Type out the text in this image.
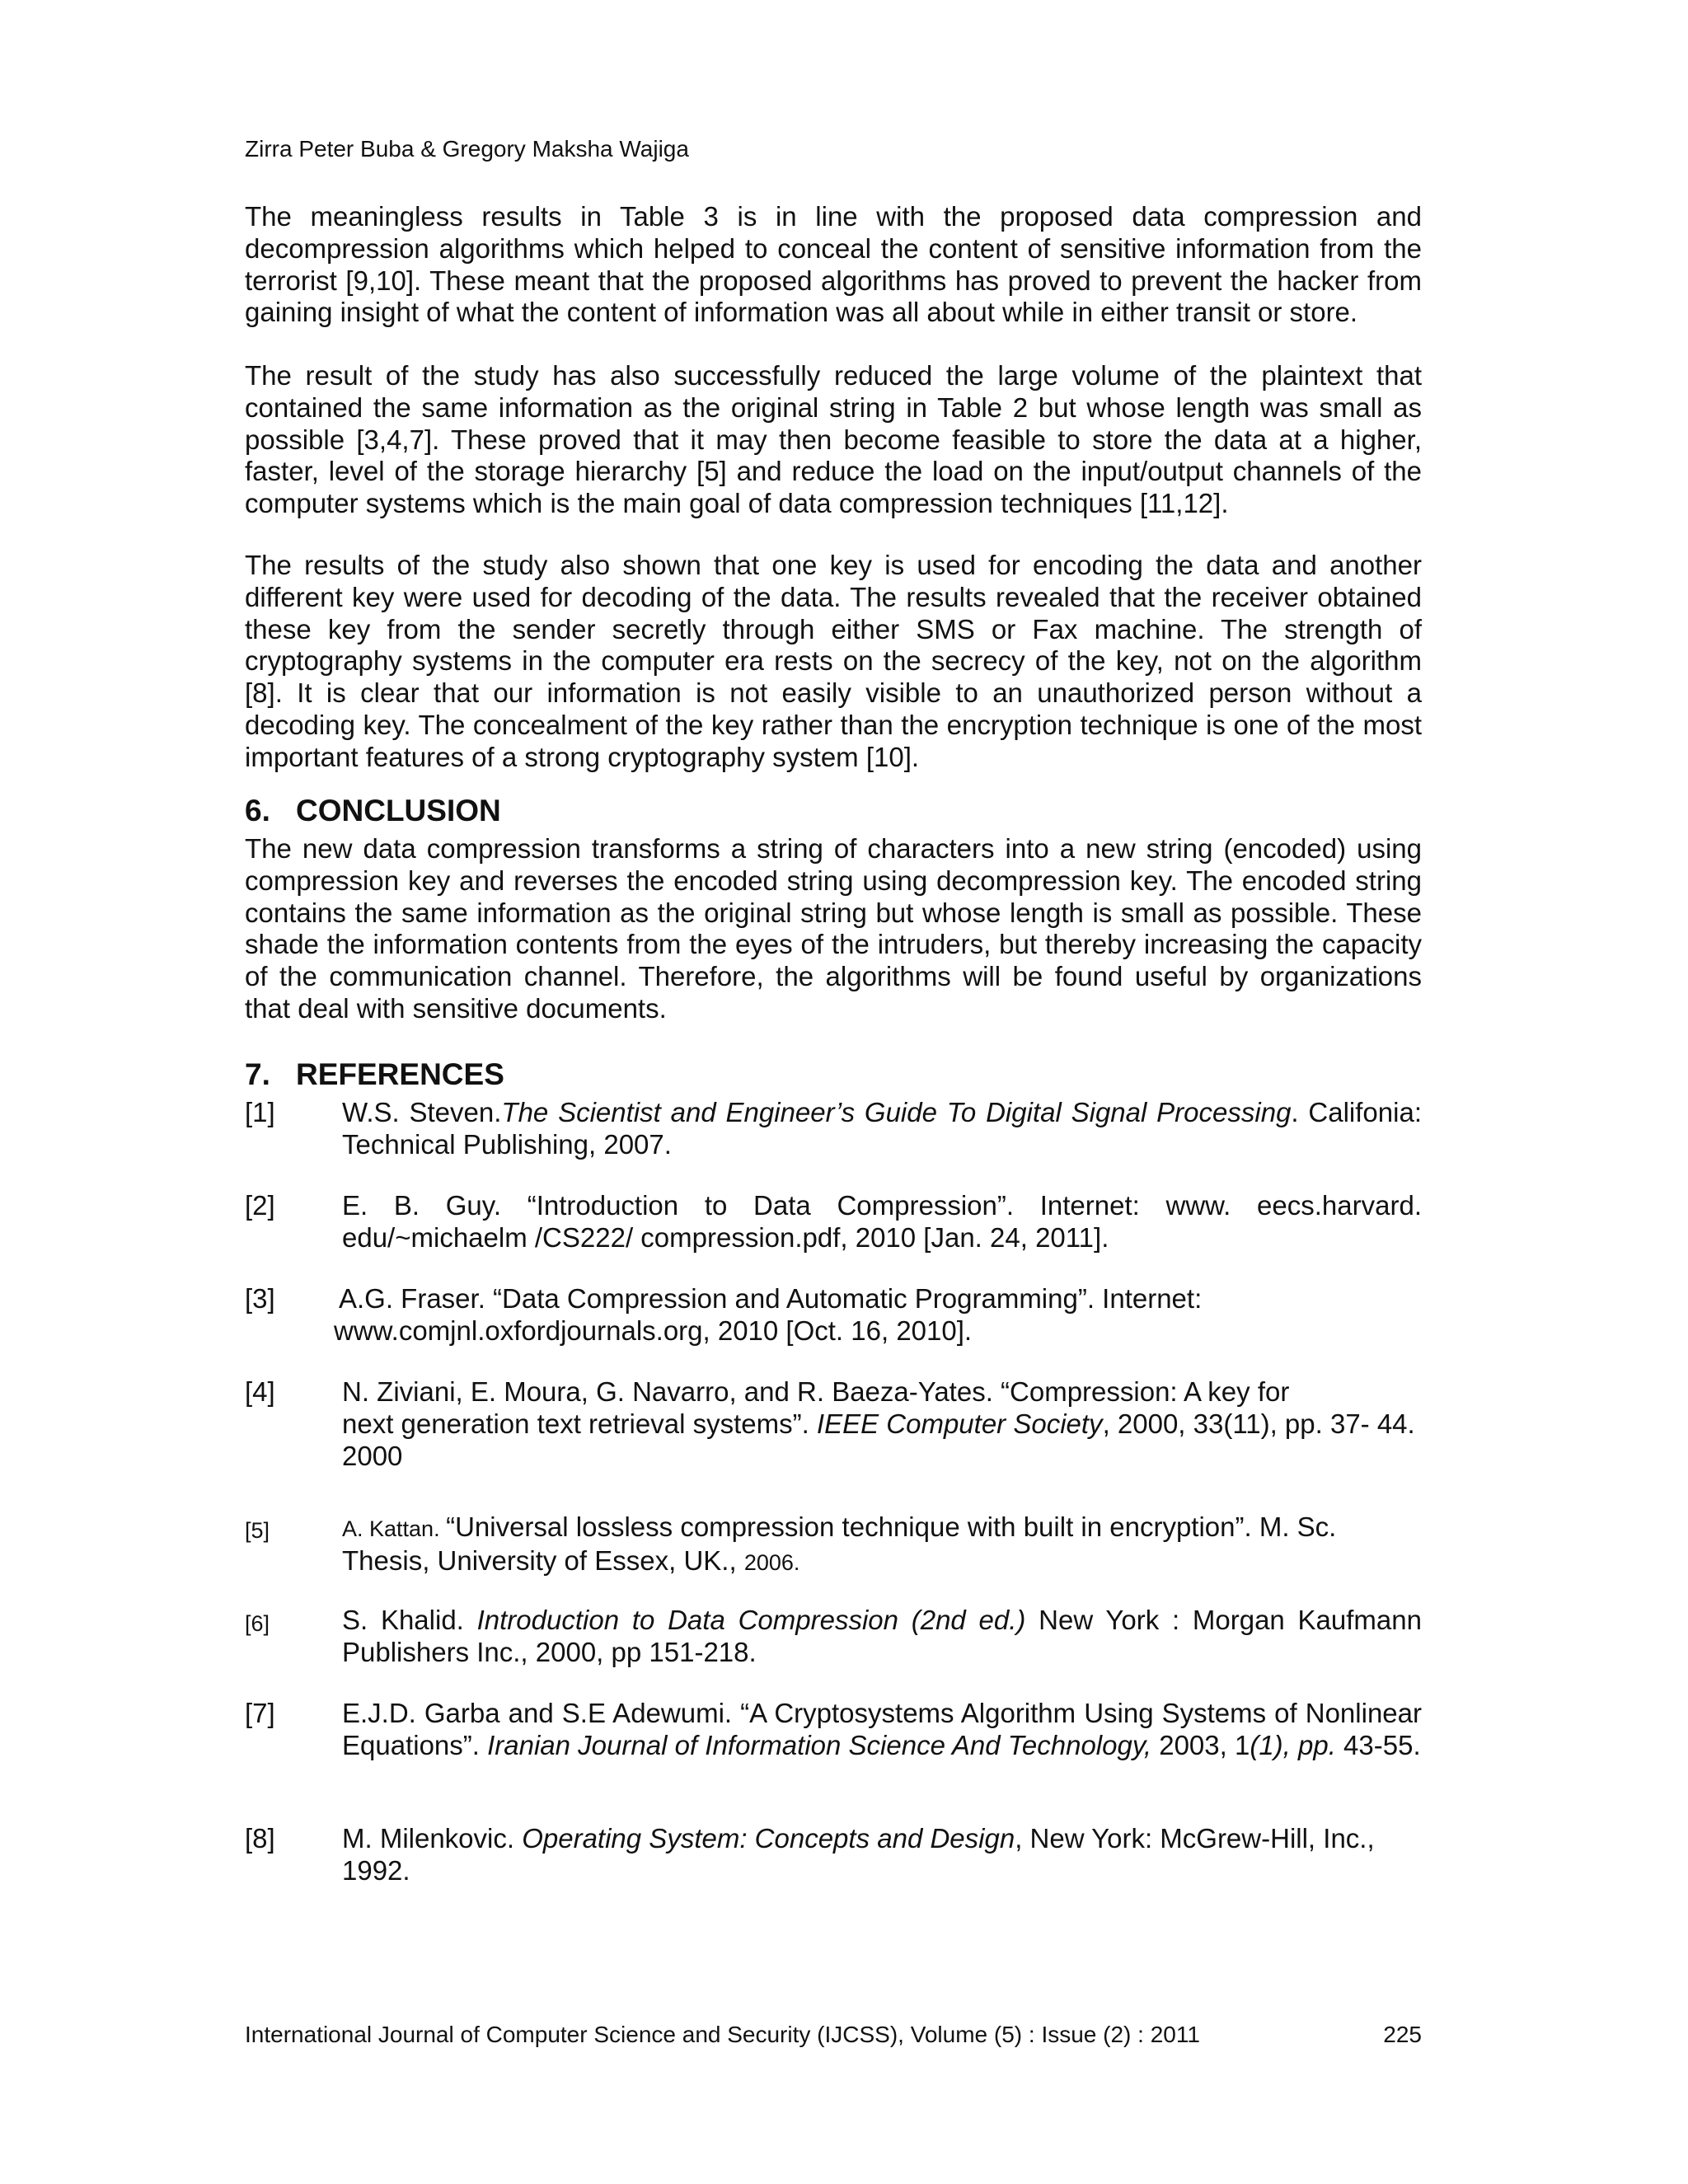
Zirra Peter Buba & Gregory Maksha Wajiga

The meaningless results in Table 3 is in line with the proposed data compression and decompression algorithms which helped to conceal the content of sensitive information from the terrorist [9,10]. These meant that the proposed algorithms has proved to prevent the hacker from gaining insight of what the content of information was all about while in either transit or store.

The result of the study has also successfully reduced the large volume of the plaintext that contained the same information as the original string in Table 2 but whose length was small as possible [3,4,7]. These proved that it may then become feasible to store the data at a higher, faster, level of the storage hierarchy [5] and reduce the load on the input/output channels of the computer systems which is the main goal of data compression techniques [11,12].

The results of the study also shown that one key is used for encoding the data and another different key were used for decoding of the data. The results revealed that the receiver obtained these key from the sender secretly through either SMS or Fax machine. The strength of cryptography systems in the computer era rests on the secrecy of the key, not on the algorithm [8]. It is clear that our information is not easily visible to an unauthorized person without a decoding key. The concealment of the key rather than the encryption technique is one of the most important features of a strong cryptography system [10].

6. CONCLUSION

The new data compression transforms a string of characters into a new string (encoded) using compression key and reverses the encoded string using decompression key. The encoded string contains the same information as the original string but whose length is small as possible. These shade the information contents from the eyes of the intruders, but thereby increasing the capacity of the communication channel. Therefore, the algorithms will be found useful by organizations that deal with sensitive documents.

7. REFERENCES
[1] W.S. Steven.The Scientist and Engineer’s Guide To Digital Signal Processing. Califonia: Technical Publishing, 2007.
[2] E. B. Guy. “Introduction to Data Compression”. Internet: www. eecs.harvard. edu/~michaelm /CS222/ compression.pdf, 2010 [Jan. 24, 2011].
[3] A.G. Fraser. “Data Compression and Automatic Programming”. Internet:
www.comjnl.oxfordjournals.org, 2010 [Oct. 16, 2010].
[4] N. Ziviani, E. Moura, G. Navarro, and R. Baeza-Yates. “Compression: A key for
next generation text retrieval systems”. IEEE Computer Society, 2000, 33(11), pp. 37- 44. 2000
[5]	A. Kattan. “Universal lossless compression technique with built in encryption”. M. Sc. Thesis, University of Essex, UK., 2006.
[6]	S. Khalid. Introduction to Data Compression (2nd ed.) New York : Morgan Kaufmann Publishers Inc., 2000, pp 151-218.
[7] E.J.D. Garba and S.E Adewumi. “A Cryptosystems Algorithm Using Systems of Nonlinear Equations”. Iranian Journal of Information Science And Technology, 2003, 1(1), pp. 43-55.
[8] M. Milenkovic. Operating System: Concepts and Design, New York: McGrew-Hill, Inc., 1992.
International Journal of Computer Science and Security (IJCSS), Volume (5) : Issue (2) : 2011	225
